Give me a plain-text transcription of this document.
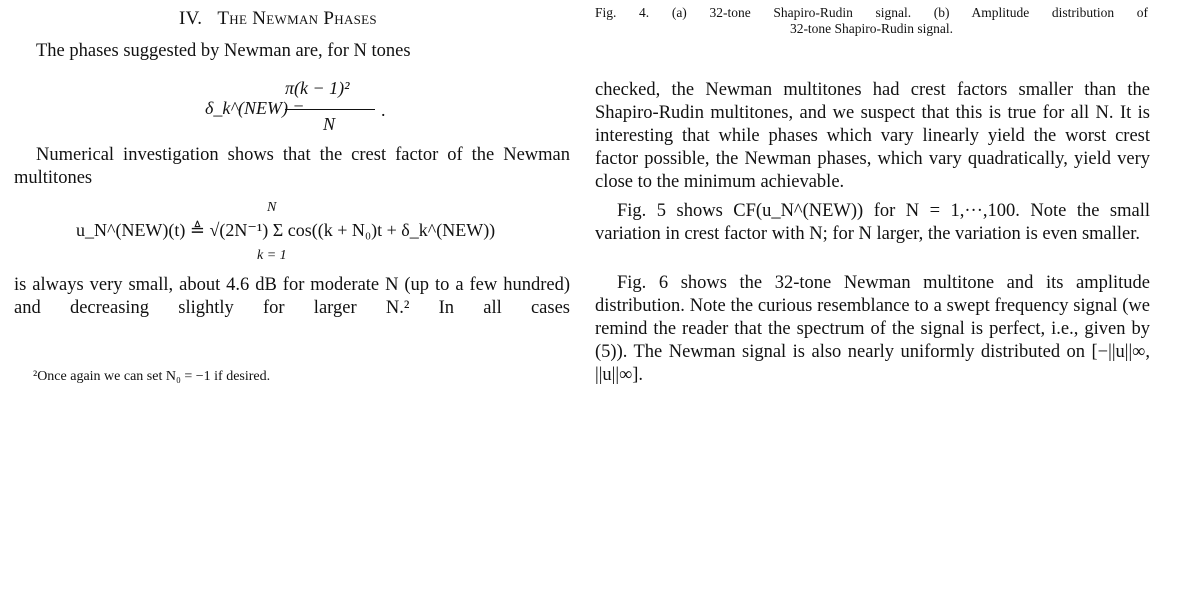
IV. The Newman Phases
The phases suggested by Newman are, for N tones
δ_k^(NEW) =
π(k − 1)²
N
.
Numerical investigation shows that the crest factor of the Newman multitones
N
u_N^(NEW)(t) ≜ √(2N⁻¹) Σ cos((k + N₀)t + δ_k^(NEW))
k = 1
is always very small, about 4.6 dB for moderate N (up to a few hundred) and decreasing slightly for larger N.² In all cases
²Once again we can set N₀ = −1 if desired.
Fig. 4. (a) 32-tone Shapiro-Rudin signal. (b) Amplitude distribution of
32-tone Shapiro-Rudin signal.
checked, the Newman multitones had crest factors smaller than the Shapiro-Rudin multitones, and we suspect that this is true for all N. It is interesting that while phases which vary linearly yield the worst crest factor possible, the Newman phases, which vary quadratically, yield very close to the minimum achievable.
Fig. 5 shows CF(u_N^(NEW)) for N = 1,···,100. Note the small variation in crest factor with N; for N larger, the variation is even smaller.
Fig. 6 shows the 32-tone Newman multitone and its amplitude distribution. Note the curious resemblance to a swept frequency signal (we remind the reader that the spectrum of the signal is perfect, i.e., given by (5)). The Newman signal is also nearly uniformly distributed on [−||u||∞, ||u||∞].
